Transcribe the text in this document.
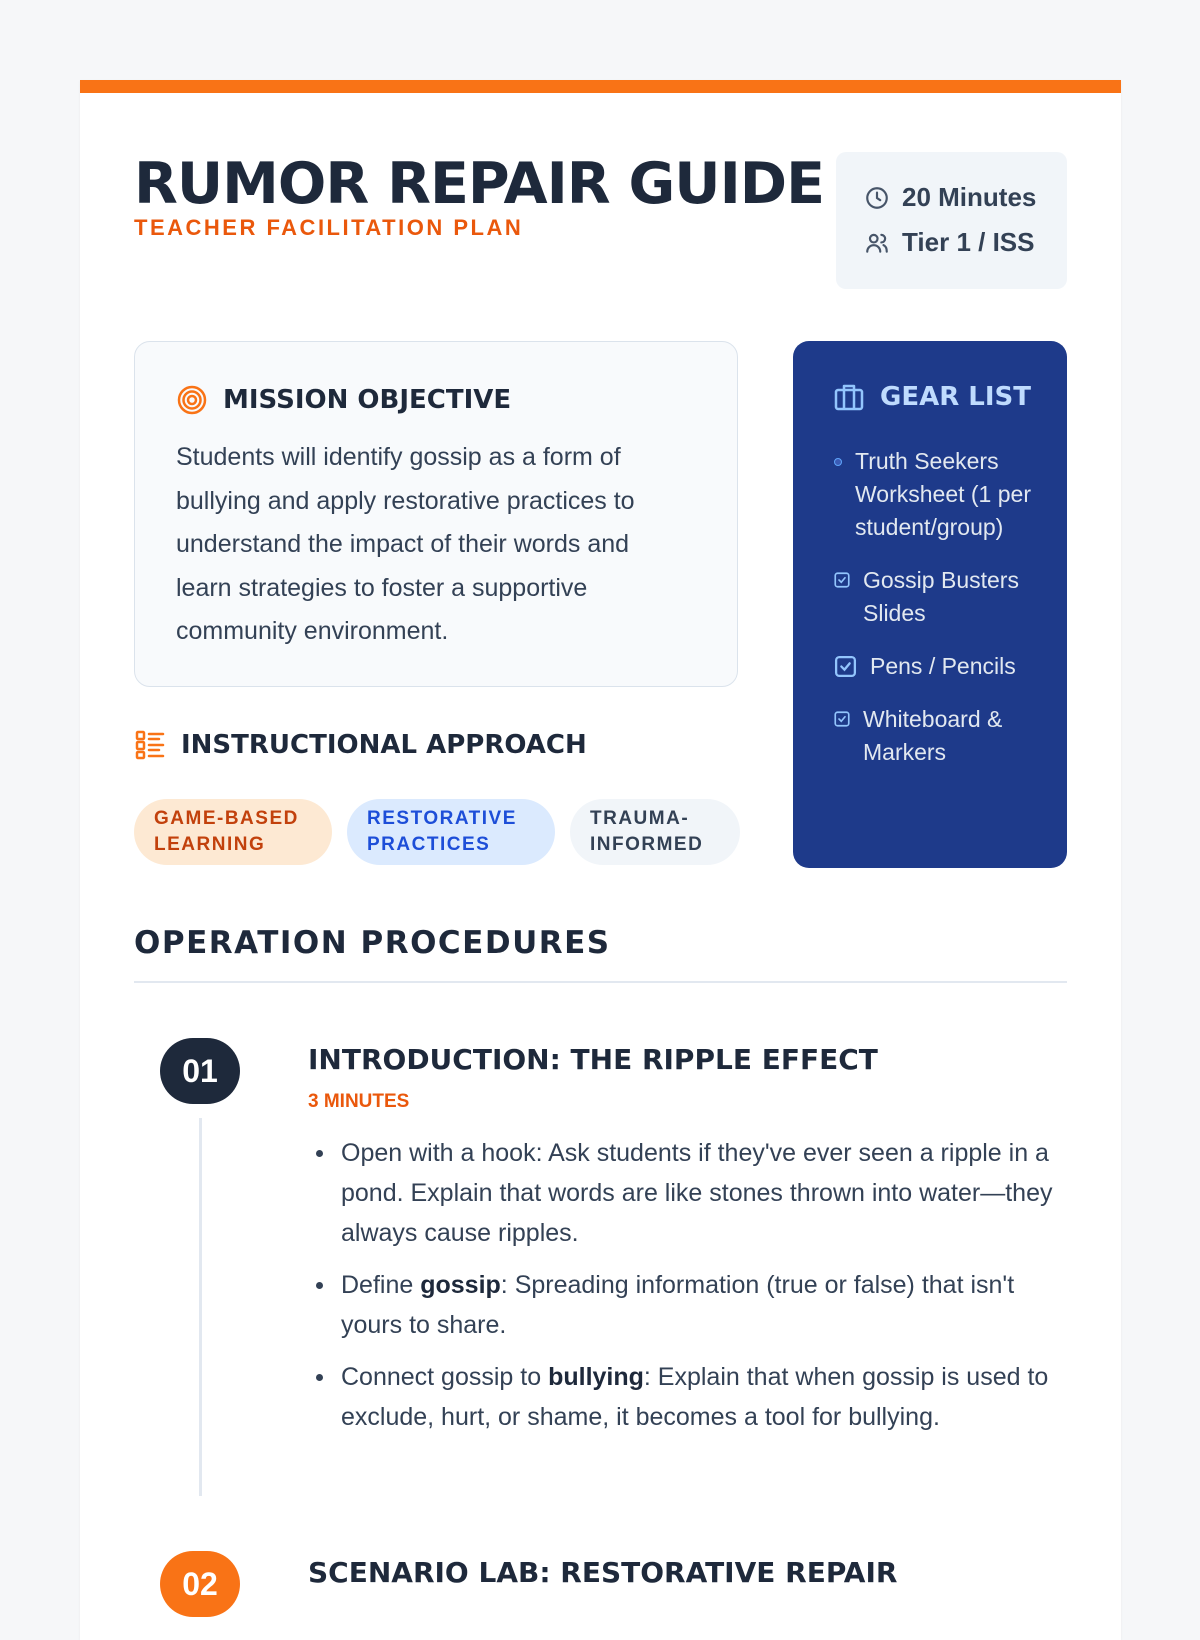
RUMOR REPAIR GUIDE
TEACHER FACILITATION PLAN
20 Minutes
Tier 1 / ISS
MISSION OBJECTIVE

Students will identify gossip as a form of bullying and apply restorative practices to understand the impact of their words and learn strategies to foster a supportive community environment.

INSTRUCTIONAL APPROACH
GAME-BASED LEARNING
RESTORATIVE PRACTICES
TRAUMA-INFORMED
GEAR LIST
Truth Seekers Worksheet (1 per student/group)
Gossip Busters Slides
Pens / Pencils
Whiteboard & Markers
OPERATION PROCEDURES
01	INTRODUCTION: THE RIPPLE EFFECT
3 MINUTES
Open with a hook: Ask students if they've ever seen a ripple in a pond. Explain that words are like stones thrown into water—they always cause ripples.
Define gossip: Spreading information (true or false) that isn't yours to share.
Connect gossip to bullying: Explain that when gossip is used to exclude, hurt, or shame, it becomes a tool for bullying.
02	SCENARIO LAB: RESTORATIVE REPAIR
